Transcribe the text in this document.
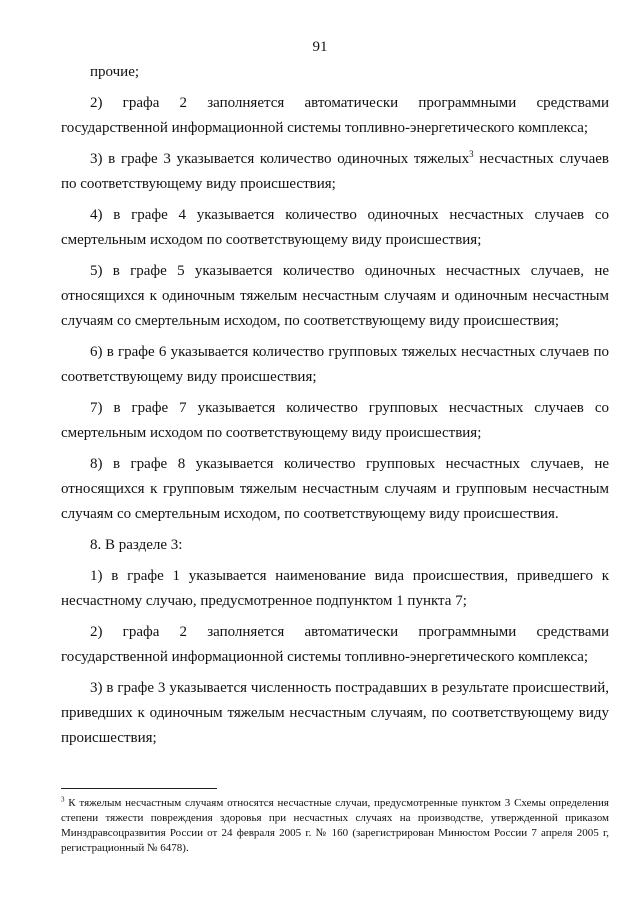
91

прочие;

2) графа 2 заполняется автоматически программными средствами государственной информационной системы топливно-энергетического комплекса;

3) в графе 3 указывается количество одиночных тяжелых$^3$ несчастных случаев по соответствующему виду происшествия;

4) в графе 4 указывается количество одиночных несчастных случаев со смертельным исходом по соответствующему виду происшествия;

5) в графе 5 указывается количество одиночных несчастных случаев, не относящихся к одиночным тяжелым несчастным случаям и одиночным несчастным случаям со смертельным исходом, по соответствующему виду происшествия;

6) в графе 6 указывается количество групповых тяжелых несчастных случаев по соответствующему виду происшествия;

7) в графе 7 указывается количество групповых несчастных случаев со смертельным исходом по соответствующему виду происшествия;

8) в графе 8 указывается количество групповых несчастных случаев, не относящихся к групповым тяжелым несчастным случаям и групповым несчастным случаям со смертельным исходом, по соответствующему виду происшествия.

8. В разделе 3:

1) в графе 1 указывается наименование вида происшествия, приведшего к несчастному случаю, предусмотренное подпунктом 1 пункта 7;

2) графа 2 заполняется автоматически программными средствами государственной информационной системы топливно-энергетического комплекса;

3) в графе 3 указывается численность пострадавших в результате происшествий, приведших к одиночным тяжелым несчастным случаям, по соответствующему виду происшествия;

$^3$ К тяжелым несчастным случаям относятся несчастные случаи, предусмотренные пунктом 3 Схемы определения степени тяжести повреждения здоровья при несчастных случаях на производстве, утвержденной приказом Минздравсоцразвития России от 24 февраля 2005 г. № 160 (зарегистрирован Минюстом России 7 апреля 2005 г, регистрационный № 6478).
